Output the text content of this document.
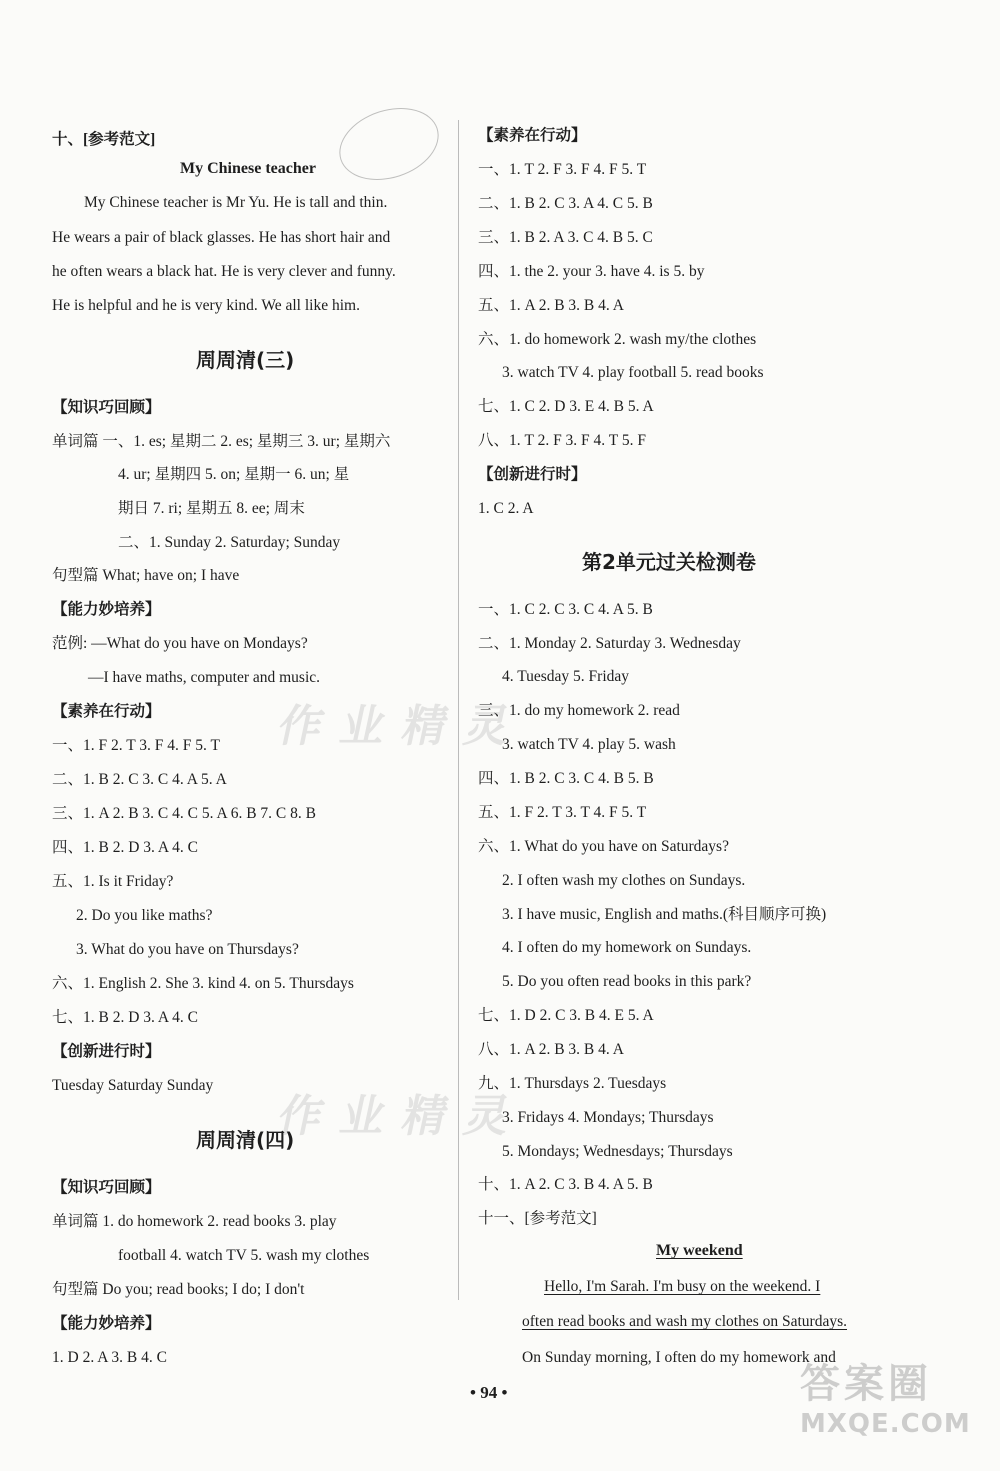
十、[参考范文]
My Chinese teacher
My Chinese teacher is Mr Yu. He is tall and thin.
He wears a pair of black glasses. He has short hair and
he often wears a black hat. He is very clever and funny.
He is helpful and he is very kind. We all like him.
周周清(三)
【知识巧回顾】
单词篇 一、1. es; 星期二 2. es; 星期三 3. ur; 星期六
4. ur; 星期四 5. on; 星期一 6. un; 星
期日 7. ri; 星期五 8. ee; 周末
二、1. Sunday 2. Saturday; Sunday
句型篇 What; have on; I have
【能力妙培养】
范例: —What do you have on Mondays?
—I have maths, computer and music.
【素养在行动】
一、1. F 2. T 3. F 4. F 5. T
二、1. B 2. C 3. C 4. A 5. A
三、1. A 2. B 3. C 4. C 5. A 6. B 7. C 8. B
四、1. B 2. D 3. A 4. C
五、1. Is it Friday?
2. Do you like maths?
3. What do you have on Thursdays?
六、1. English 2. She 3. kind 4. on 5. Thursdays
七、1. B 2. D 3. A 4. C
【创新进行时】
Tuesday Saturday Sunday
周周清(四)
【知识巧回顾】
单词篇 1. do homework 2. read books 3. play
football 4. watch TV 5. wash my clothes
句型篇 Do you; read books; I do; I don't
【能力妙培养】
1. D 2. A 3. B 4. C
【素养在行动】
一、1. T 2. F 3. F 4. F 5. T
二、1. B 2. C 3. A 4. C 5. B
三、1. B 2. A 3. C 4. B 5. C
四、1. the 2. your 3. have 4. is 5. by
五、1. A 2. B 3. B 4. A
六、1. do homework 2. wash my/the clothes
3. watch TV 4. play football 5. read books
七、1. C 2. D 3. E 4. B 5. A
八、1. T 2. F 3. F 4. T 5. F
【创新进行时】
1. C 2. A
第2单元过关检测卷
一、1. C 2. C 3. C 4. A 5. B
二、1. Monday 2. Saturday 3. Wednesday
4. Tuesday 5. Friday
三、1. do my homework 2. read
3. watch TV 4. play 5. wash
四、1. B 2. C 3. C 4. B 5. B
五、1. F 2. T 3. T 4. F 5. T
六、1. What do you have on Saturdays?
2. I often wash my clothes on Sundays.
3. I have music, English and maths.(科目顺序可换)
4. I often do my homework on Sundays.
5. Do you often read books in this park?
七、1. D 2. C 3. B 4. E 5. A
八、1. A 2. B 3. B 4. A
九、1. Thursdays 2. Tuesdays
3. Fridays 4. Mondays; Thursdays
5. Mondays; Wednesdays; Thursdays
十、1. A 2. C 3. B 4. A 5. B
十一、[参考范文]
My weekend
Hello, I'm Sarah. I'm busy on the weekend. I
often read books and wash my clothes on Saturdays.
On Sunday morning, I often do my homework and
作业精灵
作业精灵
• 94 •	答案圈
MXQE.COM
